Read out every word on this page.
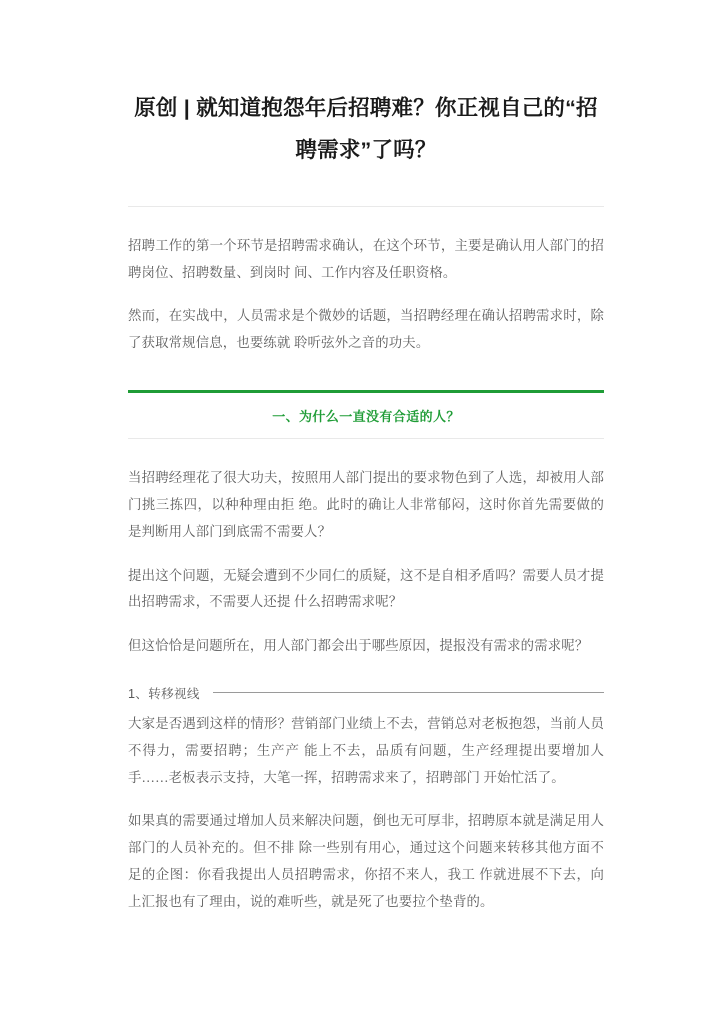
原创 | 就知道抱怨年后招聘难？你正视自己的“招聘需求”了吗？

招聘工作的第一个环节是招聘需求确认，在这个环节，主要是确认用人部门的招聘岗位、招聘数量、到岗时 间、工作内容及任职资格。

然而，在实战中，人员需求是个微妙的话题，当招聘经理在确认招聘需求时，除了获取常规信息，也要练就 聆听弦外之音的功夫。

一、为什么一直没有合适的人？

当招聘经理花了很大功夫，按照用人部门提出的要求物色到了人选，却被用人部门挑三拣四，以种种理由拒 绝。此时的确让人非常郁闷，这时你首先需要做的是判断用人部门到底需不需要人？

提出这个问题，无疑会遭到不少同仁的质疑，这不是自相矛盾吗？需要人员才提出招聘需求，不需要人还提 什么招聘需求呢？

但这恰恰是问题所在，用人部门都会出于哪些原因，提报没有需求的需求呢？

1、转移视线

大家是否遇到这样的情形？营销部门业绩上不去，营销总对老板抱怨，当前人员不得力，需要招聘；生产产 能上不去，品质有问题，生产经理提出要增加人手……老板表示支持，大笔一挥，招聘需求来了，招聘部门 开始忙活了。

如果真的需要通过增加人员来解决问题，倒也无可厚非，招聘原本就是满足用人部门的人员补充的。但不排 除一些别有用心，通过这个问题来转移其他方面不足的企图：你看我提出人员招聘需求，你招不来人，我工 作就进展不下去，向上汇报也有了理由，说的难听些，就是死了也要拉个垫背的。
